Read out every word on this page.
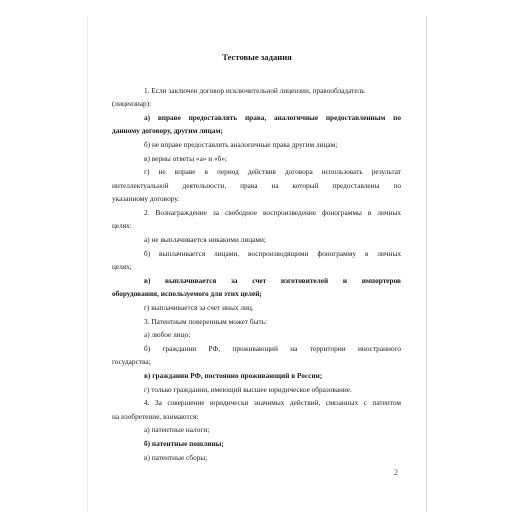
Тестовые задания
1. Если заключен договор исключительной лицензии, правообладатель
(лицензиар):
а) вправе предоставлять права, аналогичные предоставленным по
данному договору, другим лицам;
б) не вправе предоставлять аналогичные права другим лицам;
в) верны ответы «а» и «б»;
г) не вправе в период действия договора использовать результат
интеллектуальной деятельности, права на который предоставлены по
указанному договору.
2. Вознаграждение за свободное воспроизведение фонограммы в личных
целях:
а) не выплачивается никакими лицами;
б) выплачивается лицами, воспроизводящими фонограмму в личных
целях;
в) выплачивается за счет изготовителей и импортеров
оборудования, используемого для этих целей;
г) выплачивается за счет иных лиц.
3. Патентным поверенным может быть:
а) любое лицо;
б) граждании РФ, проживающий на территории иностранного
государства;
в) гражданин РФ, постоянно проживающий в России;
г) только граждании, имеющий высшее юридическое образование.
4. За совершение юридически значимых действий, связанных с патентом
на изобретение, взимаются:
а) патентные налоги;
б) патентные пошлины;
в) патентные сборы;
2
